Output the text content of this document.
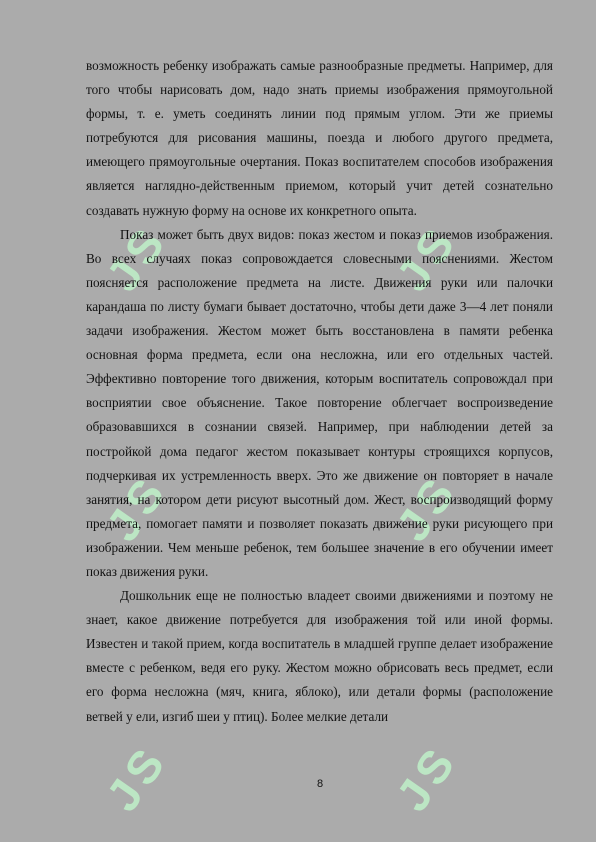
JS	JS
JS	JS
JS	JS

возможность ребенку изображать самые разнообразные предметы. Например, для того чтобы нарисовать дом, надо знать приемы изображения прямоугольной формы, т. е. уметь соединять линии под прямым углом. Эти же приемы потребуются для рисования машины, поезда и любого другого предмета, имеющего прямоугольные очертания. Показ воспитателем способов изображения является наглядно-действенным приемом, который учит детей сознательно создавать нужную форму на основе их конкретного опыта.

Показ может быть двух видов: показ жестом и показ приемов изображения. Во всех случаях показ сопровождается словесными пояснениями. Жестом поясняется расположение предмета на листе. Движения руки или палочки карандаша по листу бумаги бывает достаточно, чтобы дети даже 3—4 лет поняли задачи изображения. Жестом может быть восстановлена в памяти ребенка основная форма предмета, если она несложна, или его отдельных частей. Эффективно повторение того движения, которым воспитатель сопровождал при восприятии свое объяснение. Такое повторение облегчает воспроизведение образовавшихся в сознании связей. Например, при наблюдении детей за постройкой дома педагог жестом показывает контуры строящихся корпусов, подчеркивая их устремленность вверх. Это же движение он повторяет в начале занятия, на котором дети рисуют высотный дом. Жест, воспроизводящий форму предмета, помогает памяти и позволяет показать движение руки рисующего при изображении. Чем меньше ребенок, тем большее значение в его обучении имеет показ движения руки.

Дошкольник еще не полностью владеет своими движениями и поэтому не знает, какое движение потребуется для изображения той или иной формы. Известен и такой прием, когда воспитатель в младшей группе делает изображение вместе с ребенком, ведя его руку. Жестом можно обрисовать весь предмет, если его форма несложна (мяч, книга, яблоко), или детали формы (расположение ветвей у ели, изгиб шеи у птиц). Более мелкие детали

8
